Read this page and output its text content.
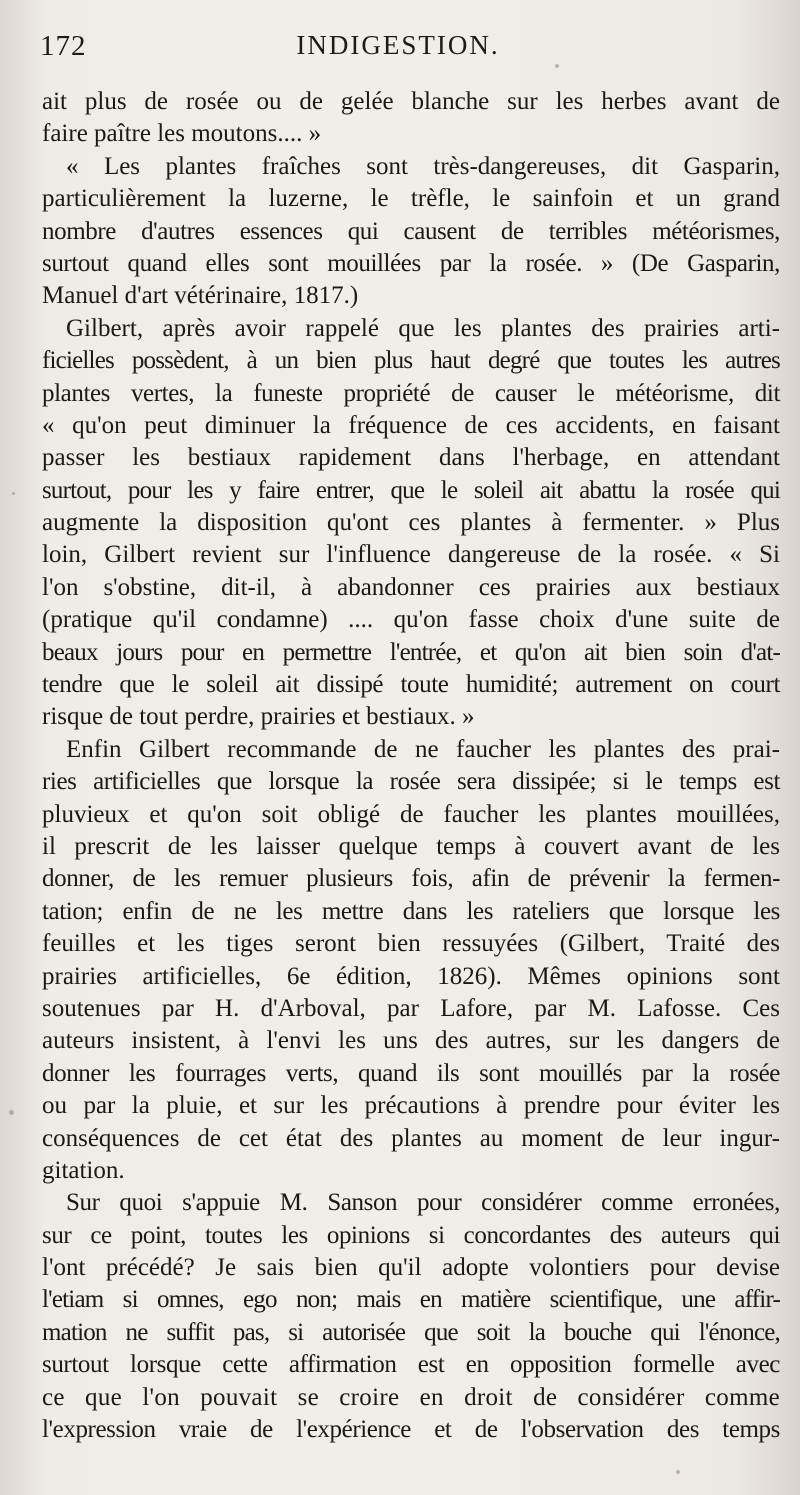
172	INDIGESTION.
ait plus de rosée ou de gelée blanche sur les herbes avant de
faire paître les moutons.... »
« Les plantes fraîches sont très-dangereuses, dit Gasparin,
particulièrement la luzerne, le trèfle, le sainfoin et un grand
nombre d'autres essences qui causent de terribles météorismes,
surtout quand elles sont mouillées par la rosée. » (De Gasparin,
Manuel d'art vétérinaire, 1817.)
Gilbert, après avoir rappelé que les plantes des prairies arti-
ficielles possèdent, à un bien plus haut degré que toutes les autres
plantes vertes, la funeste propriété de causer le météorisme, dit
« qu'on peut diminuer la fréquence de ces accidents, en faisant
passer les bestiaux rapidement dans l'herbage, en attendant
surtout, pour les y faire entrer, que le soleil ait abattu la rosée qui
augmente la disposition qu'ont ces plantes à fermenter. » Plus
loin, Gilbert revient sur l'influence dangereuse de la rosée. « Si
l'on s'obstine, dit-il, à abandonner ces prairies aux bestiaux
(pratique qu'il condamne) .... qu'on fasse choix d'une suite de
beaux jours pour en permettre l'entrée, et qu'on ait bien soin d'at-
tendre que le soleil ait dissipé toute humidité; autrement on court
risque de tout perdre, prairies et bestiaux. »
Enfin Gilbert recommande de ne faucher les plantes des prai-
ries artificielles que lorsque la rosée sera dissipée; si le temps est
pluvieux et qu'on soit obligé de faucher les plantes mouillées,
il prescrit de les laisser quelque temps à couvert avant de les
donner, de les remuer plusieurs fois, afin de prévenir la fermen-
tation; enfin de ne les mettre dans les rateliers que lorsque les
feuilles et les tiges seront bien ressuyées (Gilbert, Traité des
prairies artificielles, 6e édition, 1826). Mêmes opinions sont
soutenues par H. d'Arboval, par Lafore, par M. Lafosse. Ces
auteurs insistent, à l'envi les uns des autres, sur les dangers de
donner les fourrages verts, quand ils sont mouillés par la rosée
ou par la pluie, et sur les précautions à prendre pour éviter les
conséquences de cet état des plantes au moment de leur ingur-
gitation.
Sur quoi s'appuie M. Sanson pour considérer comme erronées,
sur ce point, toutes les opinions si concordantes des auteurs qui
l'ont précédé? Je sais bien qu'il adopte volontiers pour devise
l'etiam si omnes, ego non; mais en matière scientifique, une affir-
mation ne suffit pas, si autorisée que soit la bouche qui l'énonce,
surtout lorsque cette affirmation est en opposition formelle avec
ce que l'on pouvait se croire en droit de considérer comme
l'expression vraie de l'expérience et de l'observation des temps
